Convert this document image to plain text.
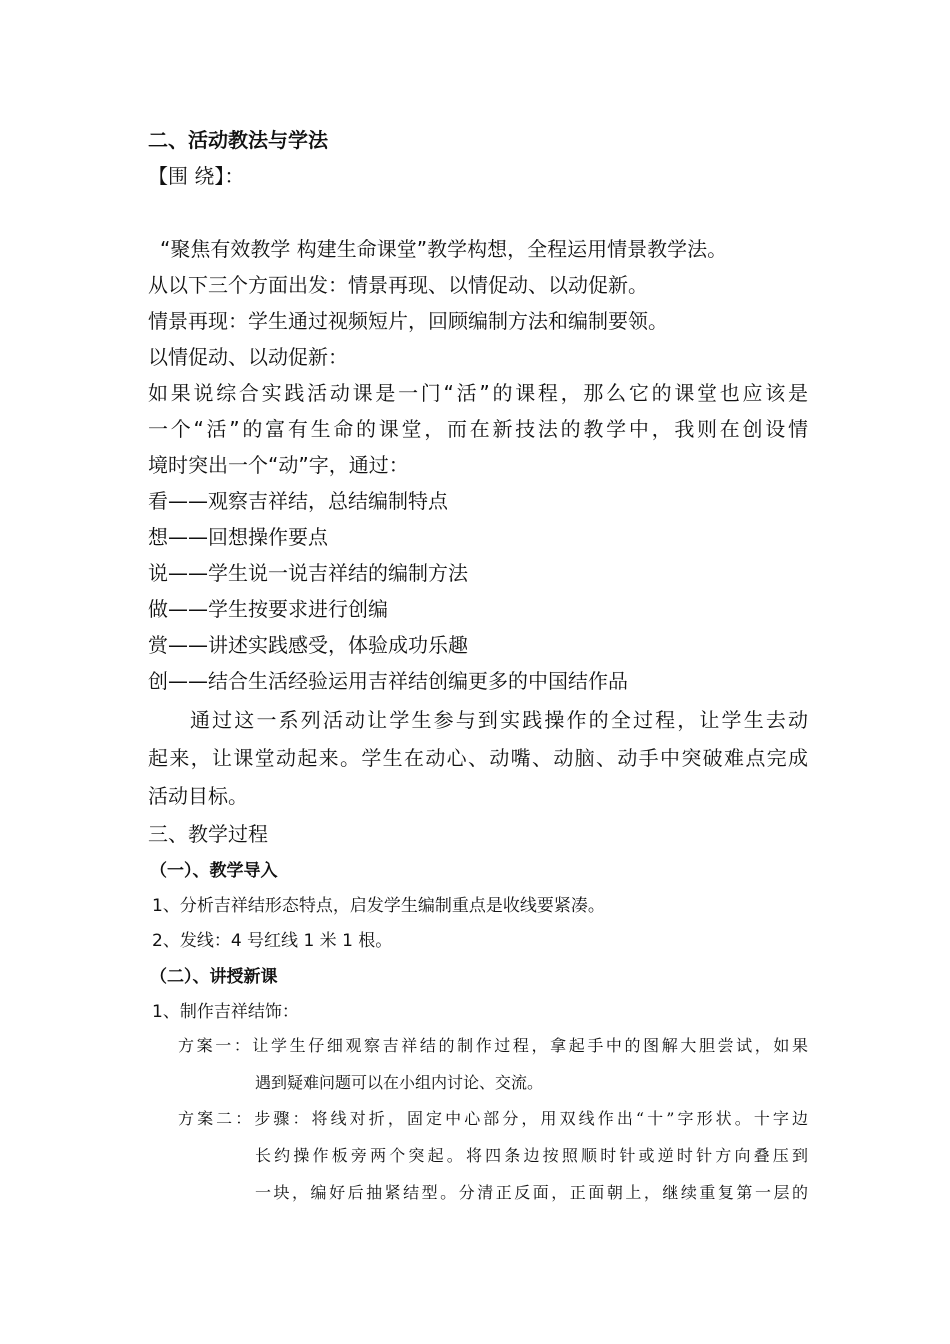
二、活动教法与学法
【围 绕】：
“聚焦有效教学 构建生命课堂”教学构想，全程运用情景教学法。
从以下三个方面出发：情景再现、以情促动、以动促新。
情景再现：学生通过视频短片，回顾编制方法和编制要领。
以情促动、以动促新：
如果说综合实践活动课是一门“活”的课程，那么它的课堂也应该是
一个“活”的富有生命的课堂，而在新技法的教学中，我则在创设情
境时突出一个“动”字，通过：
看——观察吉祥结，总结编制特点
想——回想操作要点
说——学生说一说吉祥结的编制方法
做——学生按要求进行创编
赏——讲述实践感受，体验成功乐趣
创——结合生活经验运用吉祥结创编更多的中国结作品
通过这一系列活动让学生参与到实践操作的全过程，让学生去动
起来，让课堂动起来。学生在动心、动嘴、动脑、动手中突破难点完成
活动目标。
三、教学过程
（一）、教学导入
1、分析吉祥结形态特点，启发学生编制重点是收线要紧凑。
2、发线：4 号红线 1 米 1 根。
（二）、讲授新课
1、制作吉祥结饰：
方案一：让学生仔细观察吉祥结的制作过程，拿起手中的图解大胆尝试，如果
遇到疑难问题可以在小组内讨论、交流。
方案二：步骤：将线对折，固定中心部分，用双线作出“十”字形状。十字边
长约操作板旁两个突起。将四条边按照顺时针或逆时针方向叠压到
一块，编好后抽紧结型。分清正反面，正面朝上，继续重复第一层的
